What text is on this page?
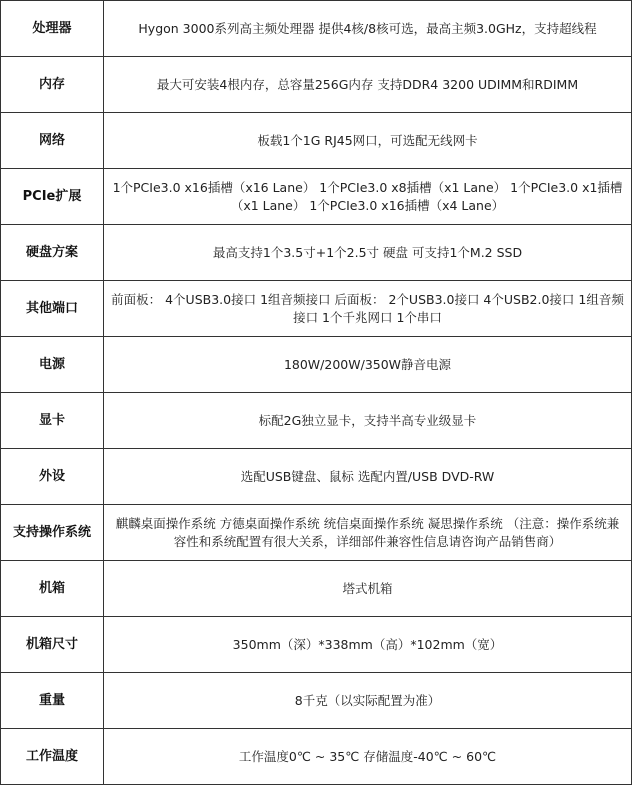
处理器	Hygon 3000系列高主频处理器 提供4核/8核可选，最高主频3.0GHz，支持超线程
内存	最大可安装4根内存，总容量256G内存 支持DDR4 3200 UDIMM和RDIMM
网络	板载1个1G RJ45网口，可选配无线网卡
PCIe扩展	1个PCIe3.0 x16插槽（x16 Lane） 1个PCIe3.0 x8插槽（x1 Lane） 1个PCIe3.0 x1插槽（x1 Lane） 1个PCIe3.0 x16插槽（x4 Lane）
硬盘方案	最高支持1个3.5寸+1个2.5寸 硬盘 可支持1个M.2 SSD
其他端口	前面板： 4个USB3.0接口 1组音频接口 后面板： 2个USB3.0接口 4个USB2.0接口 1组音频接口 1个千兆网口 1个串口
电源	180W/200W/350W静音电源
显卡	标配2G独立显卡，支持半高专业级显卡
外设	选配USB键盘、鼠标 选配内置/USB DVD-RW
支持操作系统	麒麟桌面操作系统 方德桌面操作系统 统信桌面操作系统 凝思操作系统 （注意：操作系统兼容性和系统配置有很大关系，详细部件兼容性信息请咨询产品销售商）
机箱	塔式机箱
机箱尺寸	350mm（深）*338mm（高）*102mm（宽）
重量	8千克（以实际配置为准）
工作温度	工作温度0℃ ~ 35℃ 存储温度-40℃ ~ 60℃
